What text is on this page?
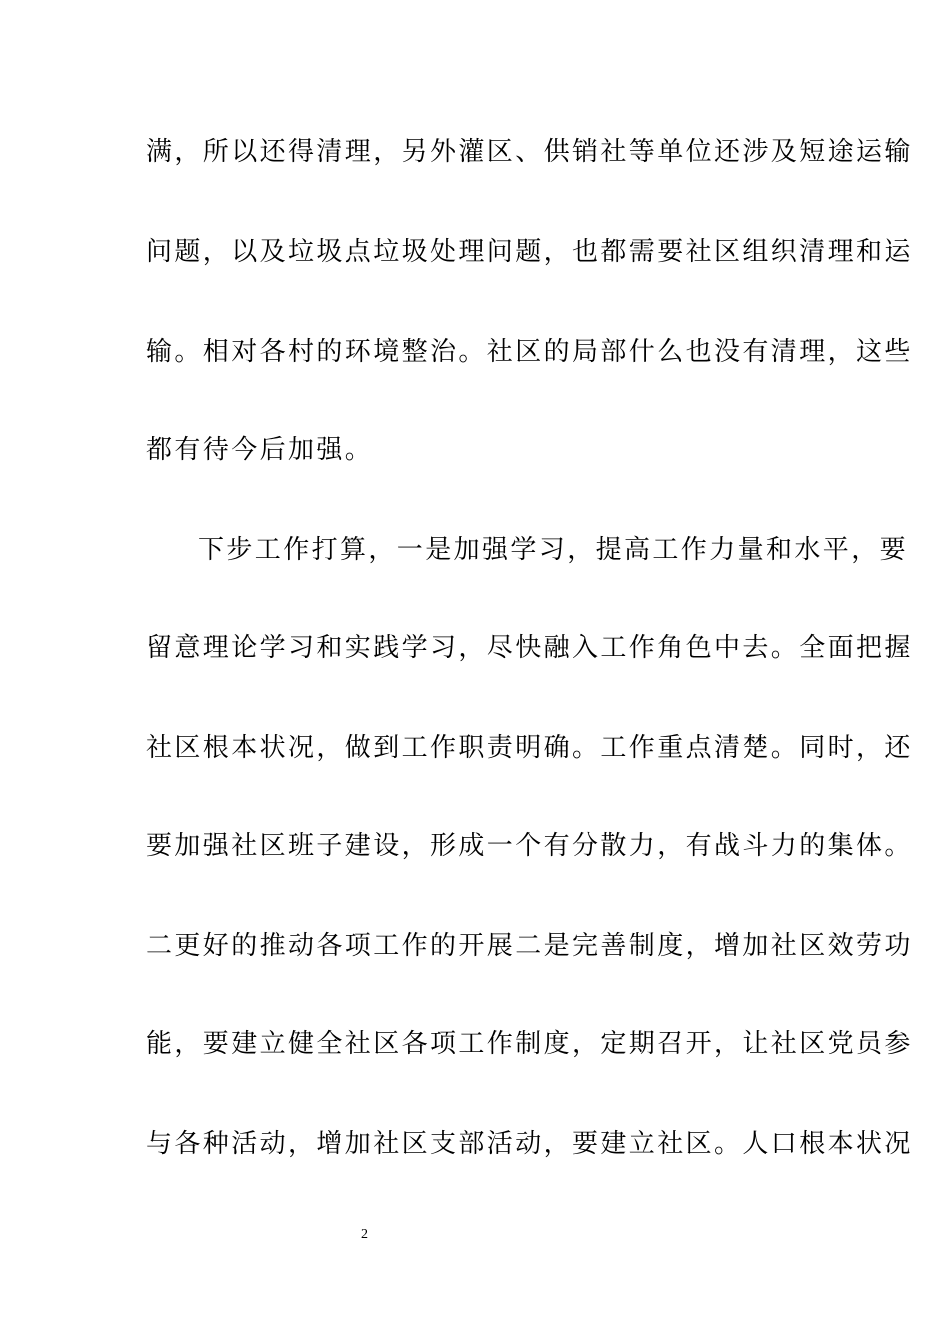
满，所以还得清理，另外灌区、供销社等单位还涉及短途运输
问题，以及垃圾点垃圾处理问题，也都需要社区组织清理和运
输。相对各村的环境整治。社区的局部什么也没有清理，这些
都有待今后加强。
下步工作打算，一是加强学习，提高工作力量和水平，要
留意理论学习和实践学习，尽快融入工作角色中去。全面把握
社区根本状况，做到工作职责明确。工作重点清楚。同时，还
要加强社区班子建设，形成一个有分散力，有战斗力的集体。
二更好的推动各项工作的开展二是完善制度，增加社区效劳功
能，要建立健全社区各项工作制度，定期召开，让社区党员参
与各种活动，增加社区支部活动，要建立社区。人口根本状况
2
